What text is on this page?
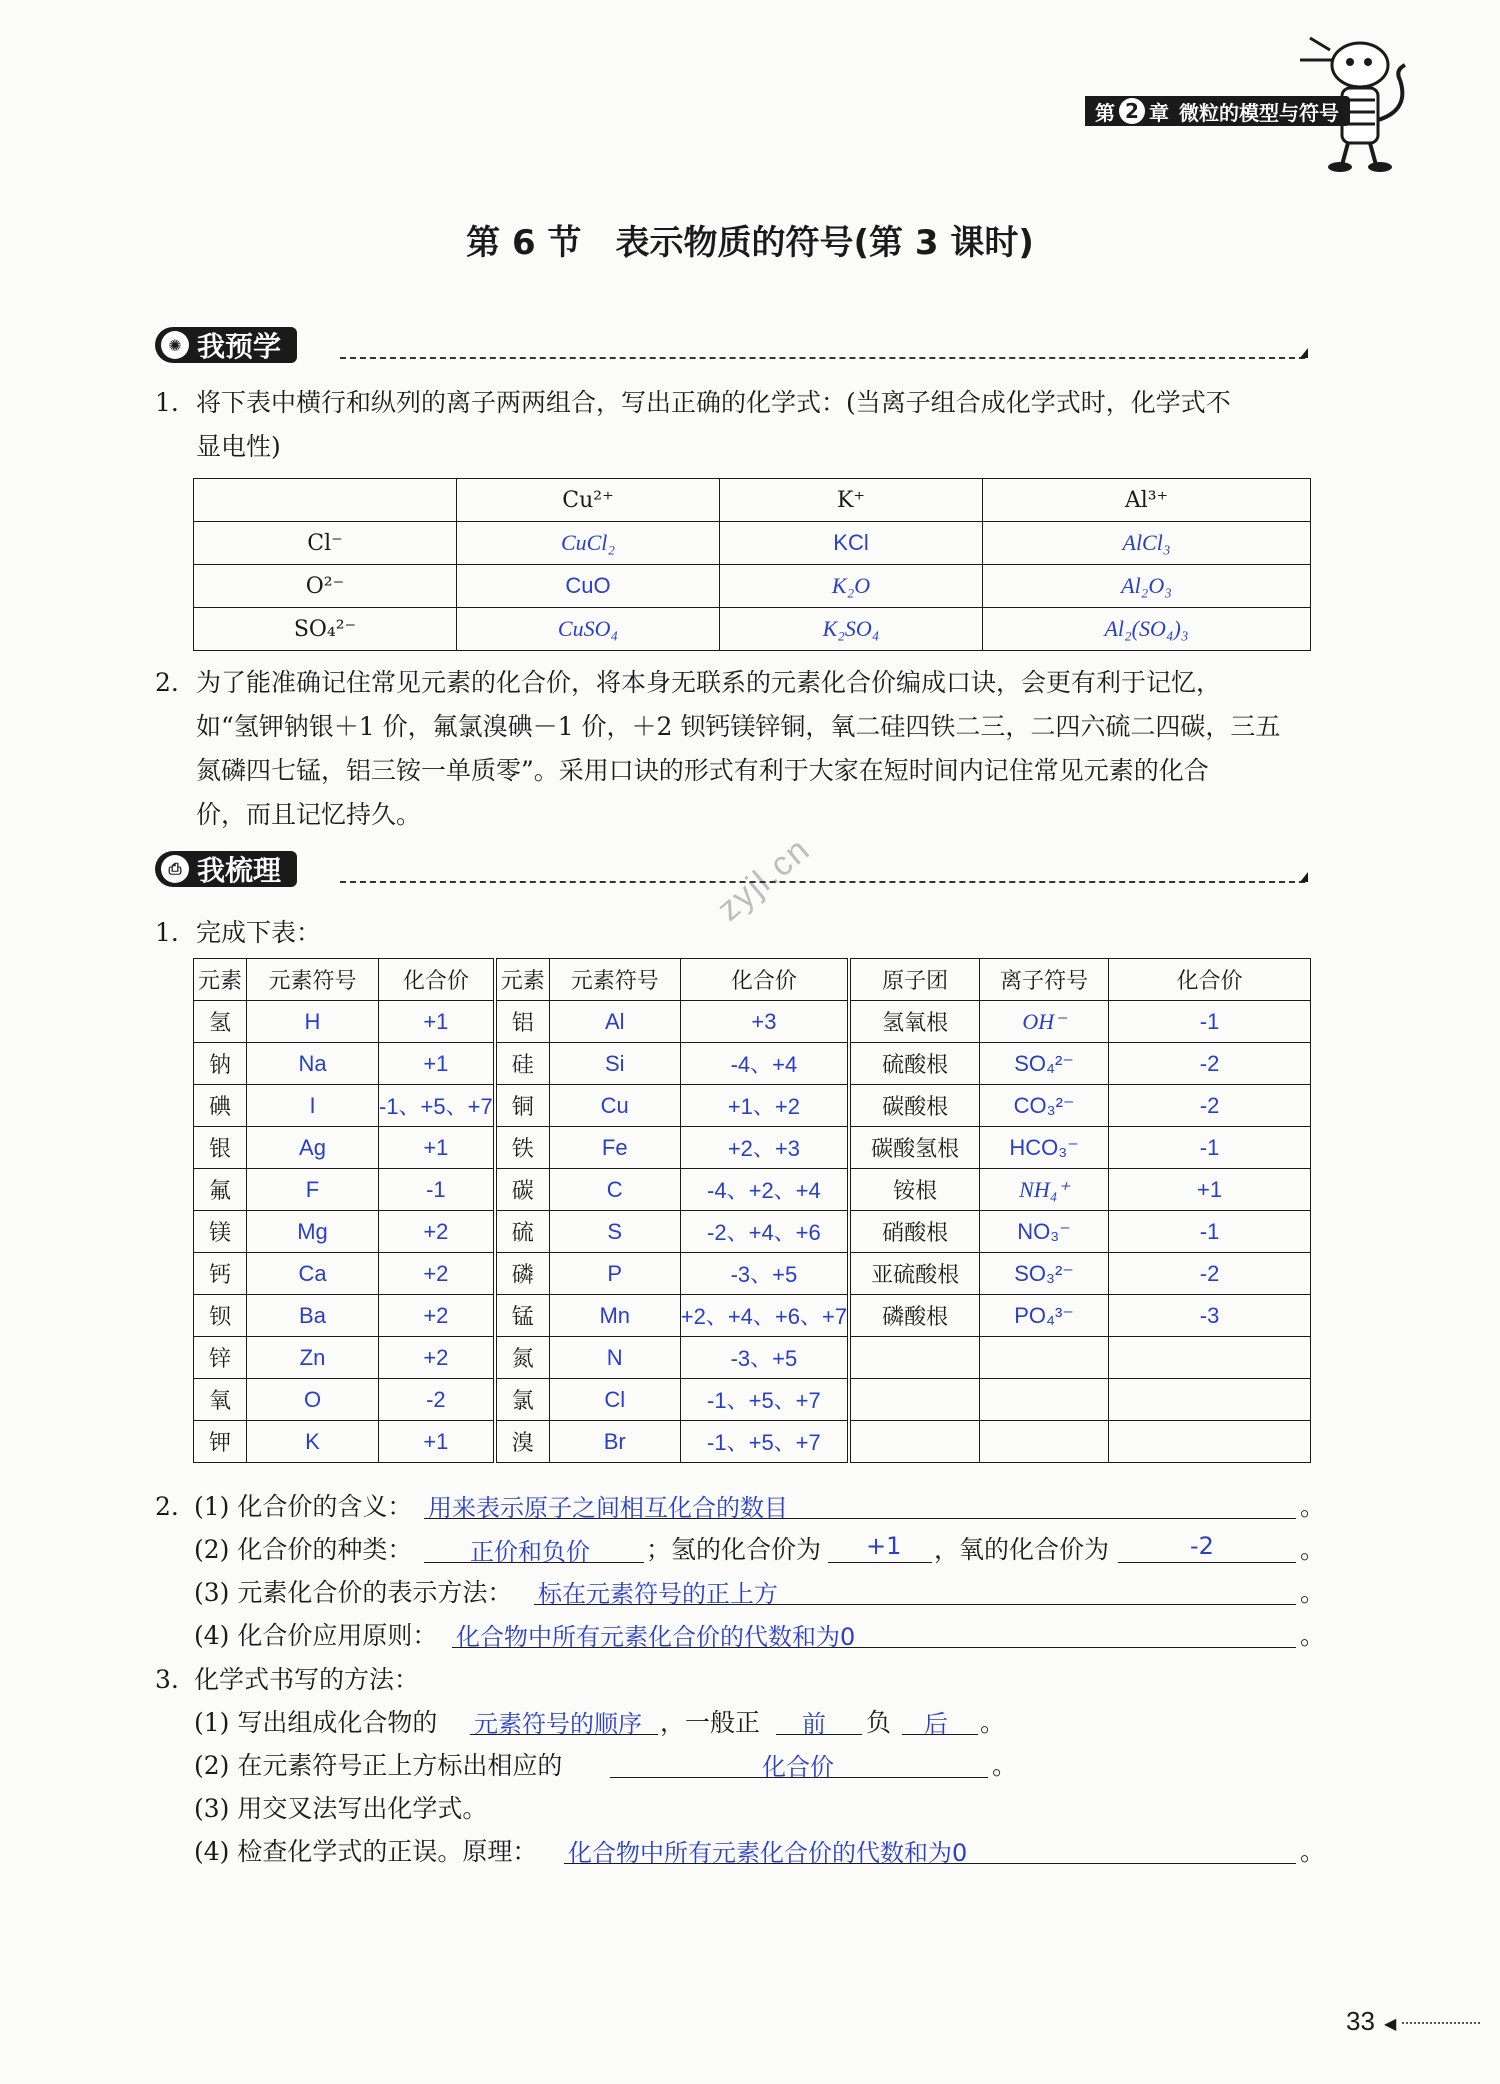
第 2 章 微粒的模型与符号
第 6 节　表示物质的符号(第 3 课时)
✺ 我预学
1. 将下表中横行和纵列的离子两两组合，写出正确的化学式：(当离子组合成化学式时，化学式不
显电性)
	Cu²⁺	K⁺	Al³⁺
Cl⁻	CuCl₂	KCl	AlCl₃
O²⁻	CuO	K₂O	Al₂O₃
SO₄²⁻	CuSO₄	K₂SO₄	Al₂(SO₄)₃
2. 为了能准确记住常见元素的化合价，将本身无联系的元素化合价编成口诀，会更有利于记忆，
如“氢钾钠银＋1 价，氟氯溴碘－1 价，＋2 钡钙镁锌铜，氧二硅四铁二三，二四六硫二四碳，三五
氮磷四七锰，铝三铵一单质零”。采用口诀的形式有利于大家在短时间内记住常见元素的化合
价，而且记忆持久。
zyjl.cn
⎙ 我梳理
1. 完成下表：
元素	元素符号	化合价	元素	元素符号	化合价	原子团	离子符号	化合价
氢	H	+1	铝	Al	+3	氢氧根	OH⁻	-1
钠	Na	+1	硅	Si	-4、+4	硫酸根	SO₄²⁻	-2
碘	I	-1、+5、+7	铜	Cu	+1、+2	碳酸根	CO₃²⁻	-2
银	Ag	+1	铁	Fe	+2、+3	碳酸氢根	HCO₃⁻	-1
氟	F	-1	碳	C	-4、+2、+4	铵根	NH₄⁺	+1
镁	Mg	+2	硫	S	-2、+4、+6	硝酸根	NO₃⁻	-1
钙	Ca	+2	磷	P	-3、+5	亚硫酸根	SO₃²⁻	-2
钡	Ba	+2	锰	Mn	+2、+4、+6、+7	磷酸根	PO₄³⁻	-3
锌	Zn	+2	氮	N	-3、+5			
氧	O	-2	氯	Cl	-1、+5、+7			
钾	K	+1	溴	Br	-1、+5、+7			
2. (1) 化合价的含义： 用来表示原子之间相互化合的数目	。
(2) 化合价的种类： 正价和负价 ；氢的化合价为 +1 ，氧的化合价为	-2	。
(3) 元素化合价的表示方法： 标在元素符号的正上方	。
(4) 化合价应用原则： 化合物中所有元素化合价的代数和为0	。
3. 化学式书写的方法：
(1) 写出组成化合物的 元素符号的顺序 ，一般正 前 负 后 。
(2) 在元素符号正上方标出相应的	化合价	。
(3) 用交叉法写出化学式。
(4) 检查化学式的正误。原理： 化合物中所有元素化合价的代数和为0	。
33 ◀
